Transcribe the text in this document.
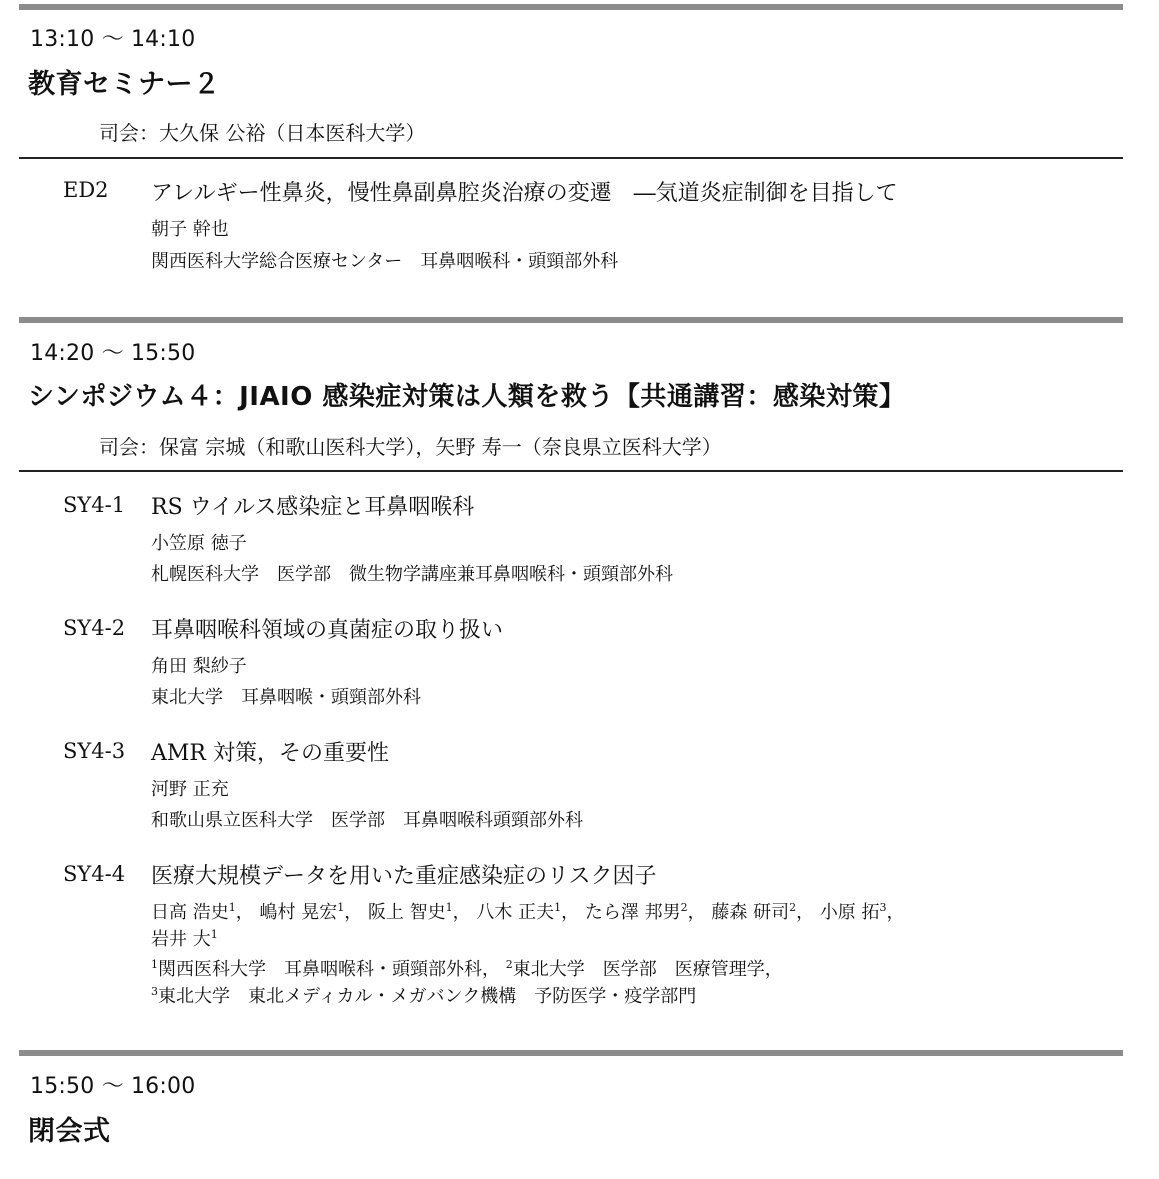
13:10 〜 14:10
教育セミナー２
司会：大久保 公裕（日本医科大学）
ED2 アレルギー性鼻炎，慢性鼻副鼻腔炎治療の変遷　―気道炎症制御を目指して
朝子 幹也
関西医科大学総合医療センター　耳鼻咽喉科・頭頸部外科
14:20 〜 15:50
シンポジウム４：JIAIO 感染症対策は人類を救う【共通講習：感染対策】
司会：保富 宗城（和歌山医科大学），矢野 寿一（奈良県立医科大学）
SY4-1 RS ウイルス感染症と耳鼻咽喉科
小笠原 徳子
札幌医科大学　医学部　微生物学講座兼耳鼻咽喉科・頭頸部外科
SY4-2 耳鼻咽喉科領域の真菌症の取り扱い
角田 梨紗子
東北大学　耳鼻咽喉・頭頸部外科
SY4-3 AMR 対策，その重要性
河野 正充
和歌山県立医科大学　医学部　耳鼻咽喉科頭頸部外科
SY4-4 医療大規模データを用いた重症感染症のリスク因子
日高 浩史$^1$， 嶋村 晃宏$^1$， 阪上 智史$^1$， 八木 正夫$^1$， たら澤 邦男$^2$， 藤森 研司$^2$， 小原 拓$^3$，
岩井 大$^1$
$^1$関西医科大学　耳鼻咽喉科・頭頸部外科， $^2$東北大学　医学部　医療管理学，
$^3$東北大学　東北メディカル・メガバンク機構　予防医学・疫学部門
15:50 〜 16:00
閉会式
